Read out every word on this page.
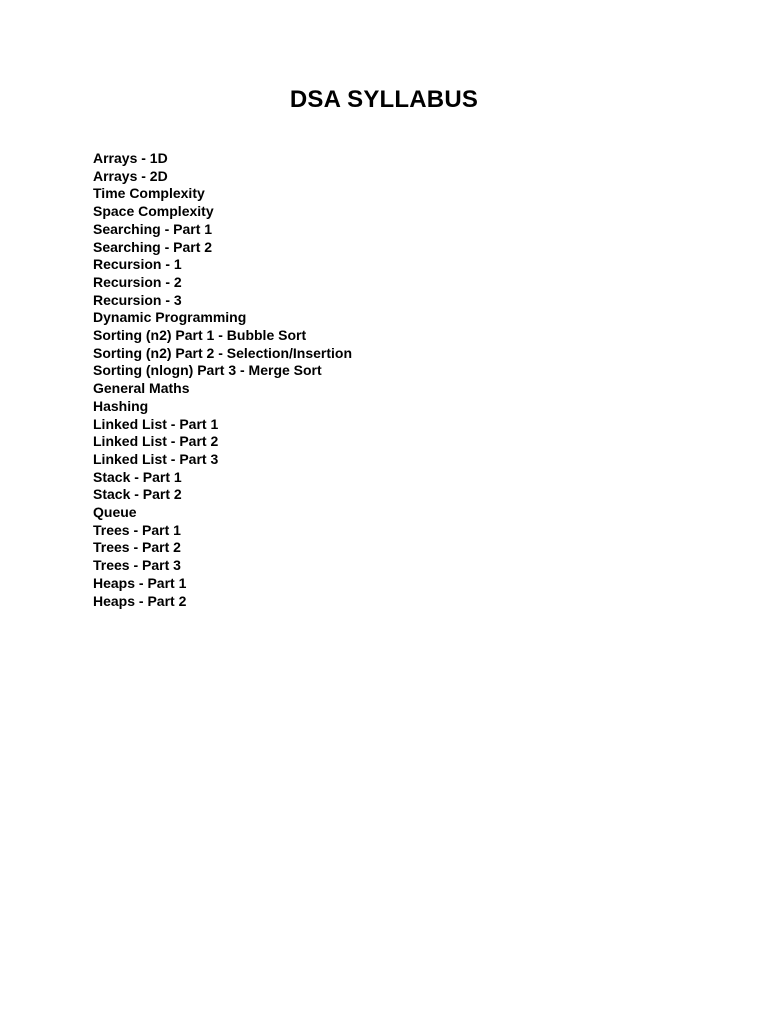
DSA SYLLABUS
Arrays - 1D
Arrays - 2D
Time Complexity
Space Complexity
Searching - Part 1
Searching - Part 2
Recursion - 1
Recursion - 2
Recursion - 3
Dynamic Programming
Sorting (n2) Part 1 - Bubble Sort
Sorting (n2) Part 2 - Selection/Insertion
Sorting (nlogn) Part 3 - Merge Sort
General Maths
Hashing
Linked List - Part 1
Linked List - Part 2
Linked List - Part 3
Stack - Part 1
Stack - Part 2
Queue
Trees - Part 1
Trees - Part 2
Trees - Part 3
Heaps - Part 1
Heaps - Part 2
